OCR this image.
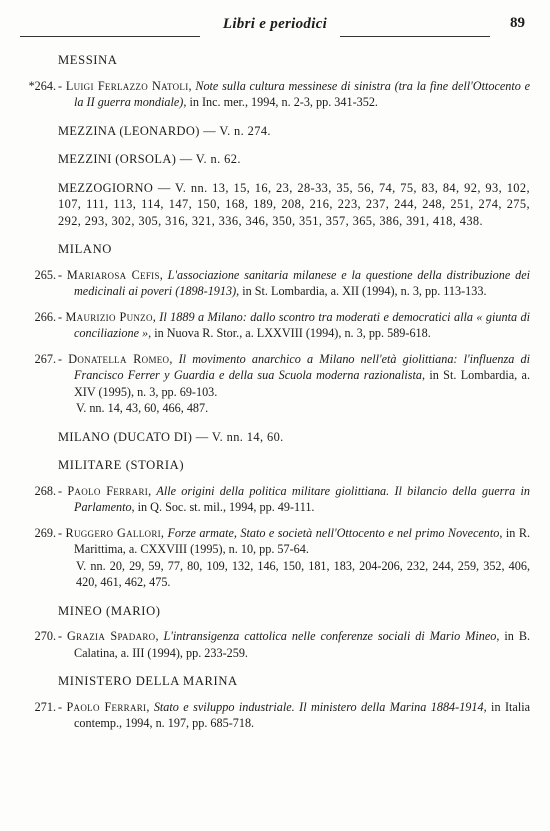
Libri e periodici	89
MESSINA
*264. - Luigi Ferlazzo Natoli, Note sulla cultura messinese di sinistra (tra la fine dell'Ottocento e la II guerra mondiale), in Inc. mer., 1994, n. 2-3, pp. 341-352.
MEZZINA (LEONARDO) — V. n. 274.
MEZZINI (ORSOLA) — V. n. 62.
MEZZOGIORNO — V. nn. 13, 15, 16, 23, 28-33, 35, 56, 74, 75, 83, 84, 92, 93, 102, 107, 111, 113, 114, 147, 150, 168, 189, 208, 216, 223, 237, 244, 248, 251, 274, 275, 292, 293, 302, 305, 316, 321, 336, 346, 350, 351, 357, 365, 386, 391, 418, 438.
MILANO
265. - Mariarosa Cefis, L'associazione sanitaria milanese e la questione della distribuzione dei medicinali ai poveri (1898-1913), in St. Lombardia, a. XII (1994), n. 3, pp. 113-133.
266. - Maurizio Punzo, Il 1889 a Milano: dallo scontro tra moderati e democratici alla « giunta di conciliazione », in Nuova R. Stor., a. LXXVIII (1994), n. 3, pp. 589-618.
267. - Donatella Romeo, Il movimento anarchico a Milano nell'età giolittiana: l'influenza di Francisco Ferrer y Guardia e della sua Scuola moderna razionalista, in St. Lombardia, a. XIV (1995), n. 3, pp. 69-103.
V. nn. 14, 43, 60, 466, 487.
MILANO (DUCATO DI) — V. nn. 14, 60.
MILITARE (STORIA)
268. - Paolo Ferrari, Alle origini della politica militare giolittiana. Il bilancio della guerra in Parlamento, in Q. Soc. st. mil., 1994, pp. 49-111.
269. - Ruggero Gallori, Forze armate, Stato e società nell'Ottocento e nel primo Novecento, in R. Marittima, a. CXXVIII (1995), n. 10, pp. 57-64.
V. nn. 20, 29, 59, 77, 80, 109, 132, 146, 150, 181, 183, 204-206, 232, 244, 259, 352, 406, 420, 461, 462, 475.
MINEO (MARIO)
270. - Grazia Spadaro, L'intransigenza cattolica nelle conferenze sociali di Mario Mineo, in B. Calatina, a. III (1994), pp. 233-259.
MINISTERO DELLA MARINA
271. - Paolo Ferrari, Stato e sviluppo industriale. Il ministero della Marina 1884-1914, in Italia contemp., 1994, n. 197, pp. 685-718.
